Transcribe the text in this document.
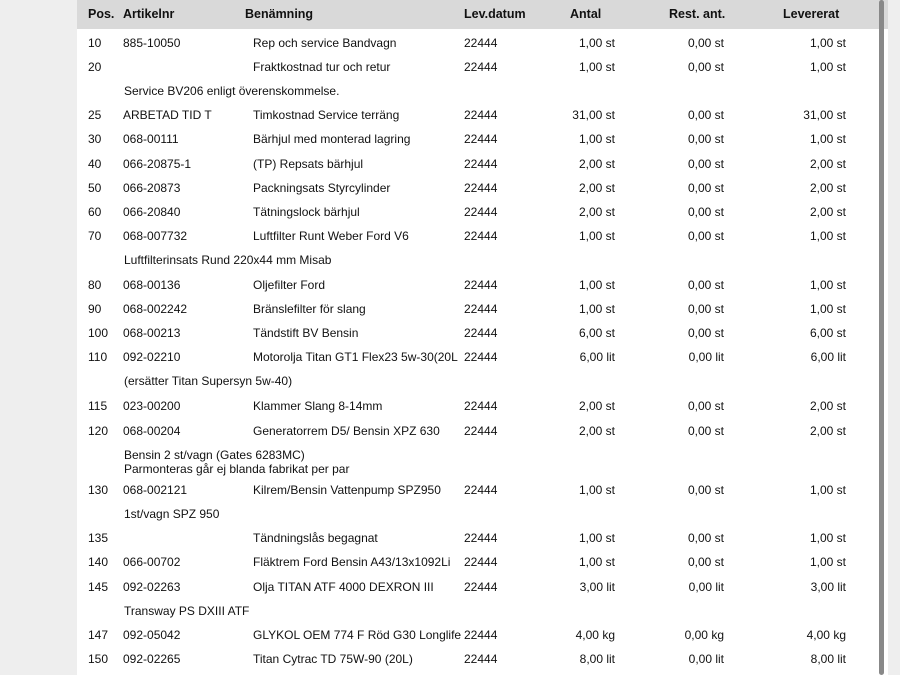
Pos. Artikelnr	Benämning	Lev.datum	Antal	Rest. ant.	Levererat
Service BV206 enligt överenskommelse.
Luftfilterinsats Rund 220x44 mm Misab
(ersätter Titan Supersyn 5w-40)
Bensin 2 st/vagn (Gates 6283MC)
Parmonteras går ej blanda fabrikat per par
1st/vagn SPZ 950
Transway PS DXIII ATF
10 885-10050	Rep och service Bandvagn	22444	1,00 st	0,00 st	1,00 st
20	Fraktkostnad tur och retur	22444	1,00 st	0,00 st	1,00 st
25 ARBETAD TID T	Timkostnad Service terräng	22444	31,00 st	0,00 st	31,00 st
30 068-00111	Bärhjul med monterad lagring	22444	1,00 st	0,00 st	1,00 st
40 066-20875-1	(TP) Repsats bärhjul	22444	2,00 st	0,00 st	2,00 st
50 066-20873	Packningsats Styrcylinder	22444	2,00 st	0,00 st	2,00 st
60 066-20840	Tätningslock bärhjul	22444	2,00 st	0,00 st	2,00 st
70 068-007732	Luftfilter Runt Weber Ford V6	22444	1,00 st	0,00 st	1,00 st
80 068-00136	Oljefilter Ford	22444	1,00 st	0,00 st	1,00 st
90 068-002242	Bränslefilter för slang	22444	1,00 st	0,00 st	1,00 st
100 068-00213	Tändstift BV Bensin	22444	6,00 st	0,00 st	6,00 st
110 092-02210	Motorolja Titan GT1 Flex23 5w-30(20L 22444	6,00 lit	0,00 lit	6,00 lit
115 023-00200	Klammer Slang 8-14mm	22444	2,00 st	0,00 st	2,00 st
120 068-00204	Generatorrem D5/ Bensin XPZ 630 22444	2,00 st	0,00 st	2,00 st
130 068-002121	Kilrem/Bensin Vattenpump SPZ950 22444	1,00 st	0,00 st	1,00 st
135	Tändningslås begagnat	22444	1,00 st	0,00 st	1,00 st
140 066-00702	Fläktrem Ford Bensin A43/13x1092Li 22444	1,00 st	0,00 st	1,00 st
145 092-02263	Olja TITAN ATF 4000 DEXRON III	22444	3,00 lit	0,00 lit	3,00 lit
147 092-05042	GLYKOL OEM 774 F Röd G30 Longlife 22444	4,00 kg	0,00 kg	4,00 kg
150 092-02265	Titan Cytrac TD 75W-90 (20L)	22444	8,00 lit	0,00 lit	8,00 lit
